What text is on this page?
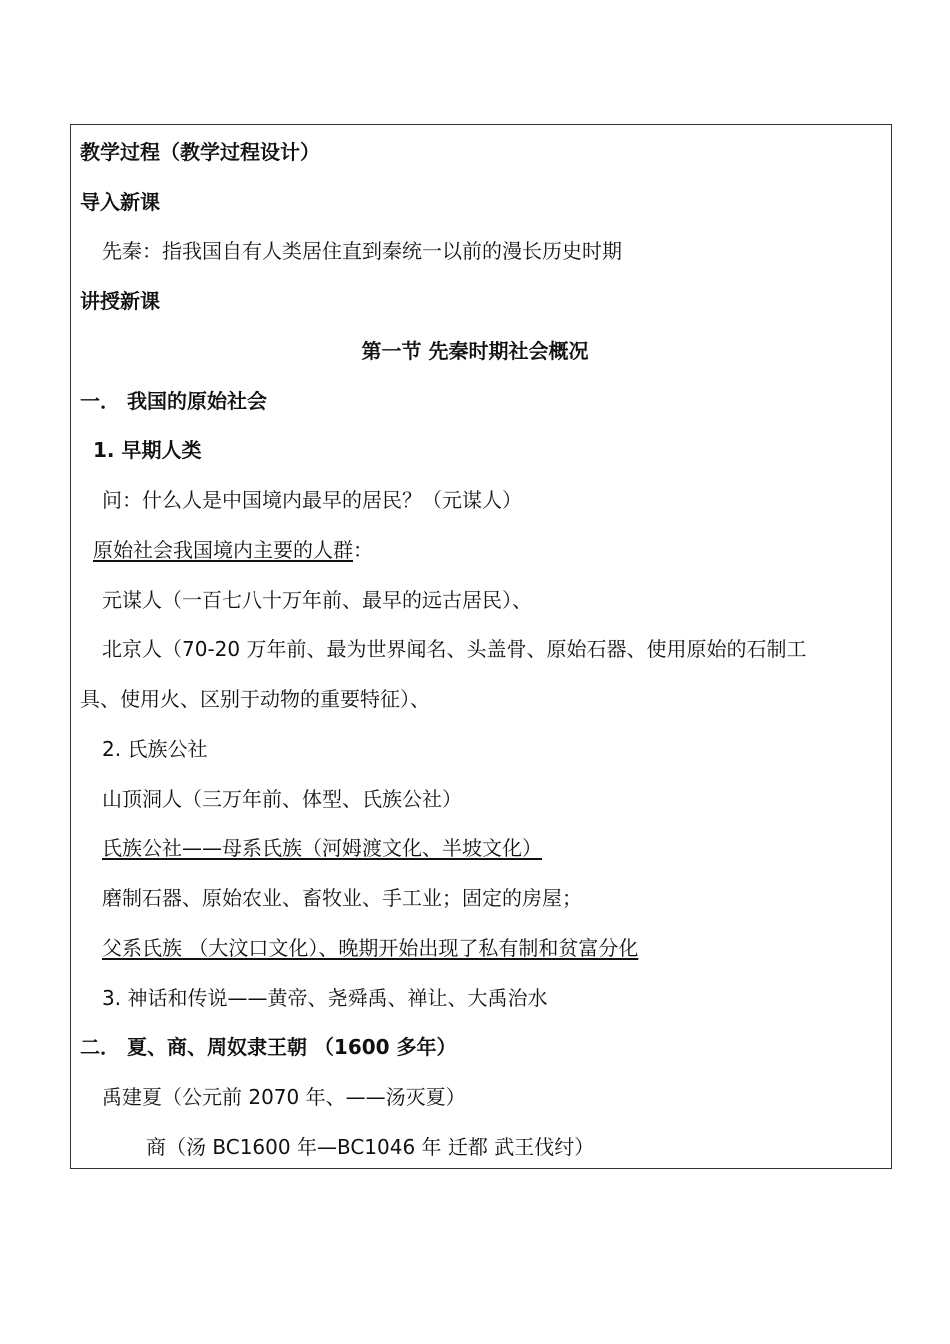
教学过程（教学过程设计）
导入新课
先秦：指我国自有人类居住直到秦统一以前的漫长历史时期
讲授新课
第一节 先秦时期社会概况
一． 我国的原始社会
1. 早期人类
问：什么人是中国境内最早的居民？（元谋人）
原始社会我国境内主要的人群：
元谋人（一百七八十万年前、最早的远古居民）、
北京人（70-20 万年前、最为世界闻名、头盖骨、原始石器、使用原始的石制工
具、使用火、区别于动物的重要特征）、
2. 氏族公社
山顶洞人（三万年前、体型、氏族公社）
氏族公社——母系氏族（河姆渡文化、半坡文化）
磨制石器、原始农业、畜牧业、手工业；固定的房屋；
父系氏族 （大汶口文化）、晚期开始出现了私有制和贫富分化
3. 神话和传说——黄帝、尧舜禹、禅让、大禹治水
二． 夏、商、周奴隶王朝 （1600 多年）
禹建夏（公元前 2070 年、——汤灭夏）
商（汤 BC1600 年—BC1046 年 迁都 武王伐纣）
